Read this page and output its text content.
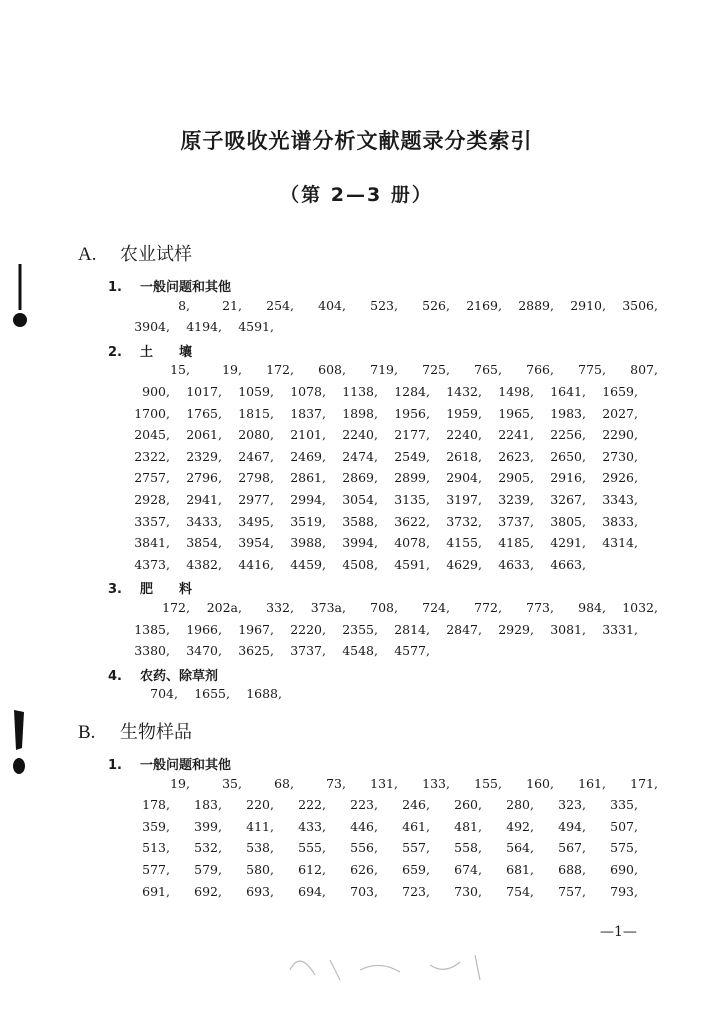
原子吸收光谱分析文献题录分类索引
（第 2—3 册）
A. 农业试样
1. 一般问题和其他
8,	21,	254,	404,	523,	526,	2169,	2889,	2910,	3506,
3904,	4194,	4591,
2. 土　　壤
15,	19,	172,	608,	719,	725,	765,	766,	775,	807,
900,	1017,	1059,	1078,	1138,	1284,	1432,	1498,	1641,	1659,
1700,	1765,	1815,	1837,	1898,	1956,	1959,	1965,	1983,	2027,
2045,	2061,	2080,	2101,	2240,	2177,	2240,	2241,	2256,	2290,
2322,	2329,	2467,	2469,	2474,	2549,	2618,	2623,	2650,	2730,
2757,	2796,	2798,	2861,	2869,	2899,	2904,	2905,	2916,	2926,
2928,	2941,	2977,	2994,	3054,	3135,	3197,	3239,	3267,	3343,
3357,	3433,	3495,	3519,	3588,	3622,	3732,	3737,	3805,	3833,
3841,	3854,	3954,	3988,	3994,	4078,	4155,	4185,	4291,	4314,
4373,	4382,	4416,	4459,	4508,	4591,	4629,	4633,	4663,
3. 肥　　料
172,	202a,	332,	373a,	708,	724,	772,	773,	984,	1032,
1385,	1966,	1967,	2220,	2355,	2814,	2847,	2929,	3081,	3331,
3380,	3470,	3625,	3737,	4548,	4577,
4. 农药、除草剂
704,	1655,	1688,
B. 生物样品
1. 一般问题和其他
19,	35,	68,	73,	131,	133,	155,	160,	161,	171,
178,	183,	220,	222,	223,	246,	260,	280,	323,	335,
359,	399,	411,	433,	446,	461,	481,	492,	494,	507,
513,	532,	538,	555,	556,	557,	558,	564,	567,	575,
577,	579,	580,	612,	626,	659,	674,	681,	688,	690,
691,	692,	693,	694,	703,	723,	730,	754,	757,	793,
—1—
